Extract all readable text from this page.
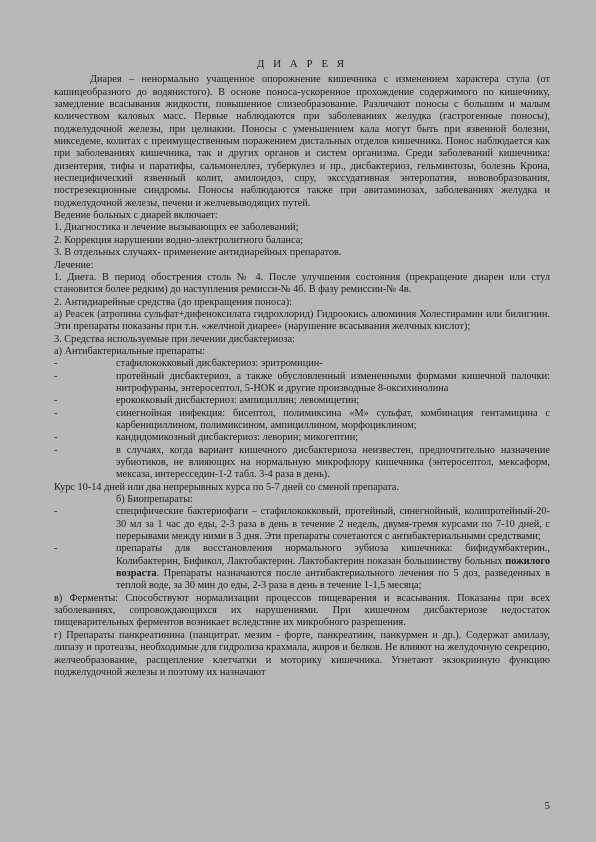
Д И А Р Е Я

Диарея – ненормально учащенное опорожнение кишечника с изменением характера стула (от кашицеобразного до водянистого). В основе поноса-ускоренное прохождение содержимого по кишечнику, замедление всасывания жидкости, повышенное слизеобразование. Различают поносы с большим и малым количеством каловых масс. Первые наблюдаются при заболеваниях желудка (гастрогенные поносы), поджелудочной железы, при целиакии. Поносы с уменьшением кала могут быть при язвенной болезни, микседеме, колитах с преимущественным поражением дистальных отделов кишечника. Понос наблюдается как при заболеваниях кишечника, так и других органов и систем организма. Среди заболеваний кишечника: дизентерия, тифы и паратифы, сальмонеллез, туберкулез и пр., дисбактериоз, гельминтозы, болезнь Крона, неспецифический язвенный колит, амилоидоз, спру, экссудативная энтеропатия, нововобразования, пострезекционные синдромы. Поносы наблюдаются также при авитаминозах, заболеваниях желудка и поджелудочной железы, печени и желчевыводящих путей.

Ведение больных с диарей включает:

1. Диагностика и лечение вызывающих ее заболеваний;

2. Коррекция нарушении водно-электролитного баланса;

3. В отдельных случаях- применение антидиарейных препаратов.

Лечение:

1. Диета. В период обострения столь № 4. После улучшения состояния (прекращение диареи или стул становится более редким) до наступления ремисси-№ 4б. В фазу ремиссии-№ 4в.

2. Антидиарейные средства (до прекращения поноса):

а) Реасек (атропина сульфат+дифеноксилата гидрохлорид) Гидроокись алюминия Холестирамин или билигнин. Эти препараты показаны при т.н. «желчной диарее» (нарушение всасывания желчных кислот);

3. Средства используемые при лечении дисбактериоза:

а) Антибактериальные препараты:

-	стафилококковый дисбактериоз: эритромицин-
-	протейный дисбактериоз, а также обусловленный измененными формами кишечной палочки: нитрофураны, энтеросептол, 5-НОК и другие производные 8-оксихинолина
-	ерококковый дисбактериоз: ампициллин; левомицетин;
-	синегнойная инфекция: бисептол, полимиксина «М» сульфат, комбинация гентамицина с карбенициллином, полимиксином, ампициллином, морфоциклином;
-	кандидомикозный дисбактериоз: леворин; микогептин;
-	в случаях, когда вариант кишечного дисбактериоза неизвестен, предпочтительно назначение эубиотиков, не влияющих на нормальную микрофлору кишечника (энтеросептол, мексаформ, мексаза, интересседин-1-2 табл. 3-4 раза в день).

Курс 10-14 дней или два непрерывных курса по 5-7 дней со сменой препарата.

б) Биопрепараты:

-	специфические бактериофаги – стафилококковый, протейный, синегнойный, колипротейный-20-30 мл за 1 час до еды, 2-3 раза в день в течение 2 недель, двумя-тремя курсами по 7-10 дней, с перерывами между ними в 3 дня. Эти препараты сочетаются с антибактериальными средствами;
-	препараты для восстановления нормального эубиоза кишечника: бифидумбактерин., Колибактерин, Бификол, Лактобактерин. Лактобактерин показан большинству больных пожилого возраста. Препараты назначаются после антибактериального лечения по 5 доз, разведенных в теплой воде, за 30 мин до еды, 2-3 раза в день в течение 1-1,5 месяца;

в) Ферменты: Способствуют нормализации процессов пищеварения и всасывания. Показаны при всех заболеваниях, сопровождающихся их нарушениями. При кишечном дисбактериозе недостаток пищеварительных ферментов возникает вследствие их микробного разрешения.

г) Препараты панкреатинина (панцитрат. мезим - форте, панкреатиин, панкурмен и др.). Содержат амилазу, липазу и протеазы, необходимые для гидролиза крахмала, жиров и белков. Не влияют на желудочную секрецию, желчеобразование, расщепление клетчатки и моторику кишечника. Угнетают экзокринную функцию поджелудочной железы и поэтому их назначают

5
